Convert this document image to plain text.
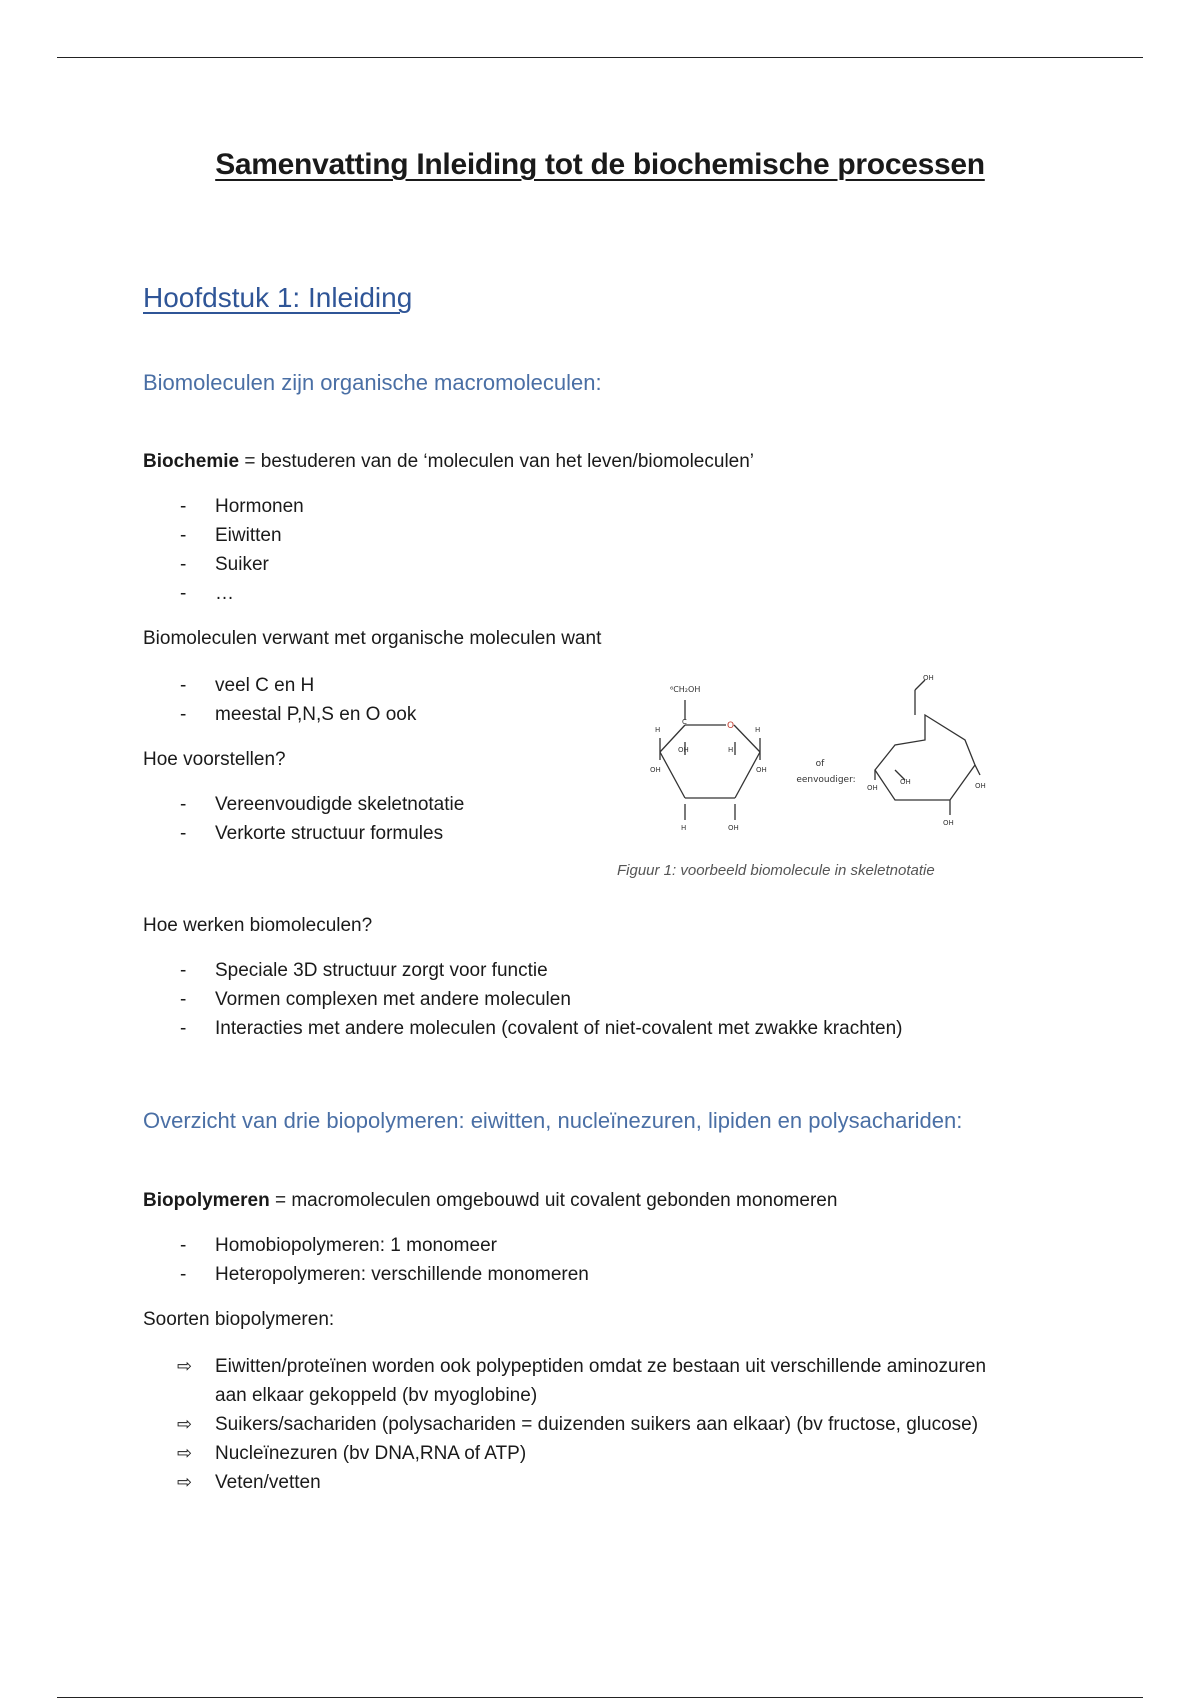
Samenvatting Inleiding tot de biochemische processen
Hoofdstuk 1: Inleiding
Biomoleculen zijn organische macromoleculen:
Biochemie = bestuderen van de ‘moleculen van het leven/biomoleculen’
- Hormonen
- Eiwitten
- Suiker
- …
Biomoleculen verwant met organische moleculen want
- veel C en H
- meestal P,N,S en O ook
Hoe voorstellen?
- Vereenvoudigde skeletnotatie
- Verkorte structuur formules
⁶CH₂OH
O
C
H	H
OH	OH
OH	H
H	OH
of
eenvoudiger:
OH
OH
OH	OH
OH
Figuur 1: voorbeeld biomolecule in skeletnotatie
Hoe werken biomoleculen?
- Speciale 3D structuur zorgt voor functie
- Vormen complexen met andere moleculen
- Interacties met andere moleculen (covalent of niet-covalent met zwakke krachten)
Overzicht van drie biopolymeren: eiwitten, nucleïnezuren, lipiden en polysachariden:
Biopolymeren = macromoleculen omgebouwd uit covalent gebonden monomeren
- Homobiopolymeren: 1 monomeer
- Heteropolymeren: verschillende monomeren
Soorten biopolymeren:
⇨ Eiwitten/proteïnen worden ook polypeptiden omdat ze bestaan uit verschillende aminozuren
aan elkaar gekoppeld (bv myoglobine)
⇨ Suikers/sachariden (polysachariden = duizenden suikers aan elkaar) (bv fructose, glucose)
⇨ Nucleïnezuren (bv DNA,RNA of ATP)
⇨ Veten/vetten
